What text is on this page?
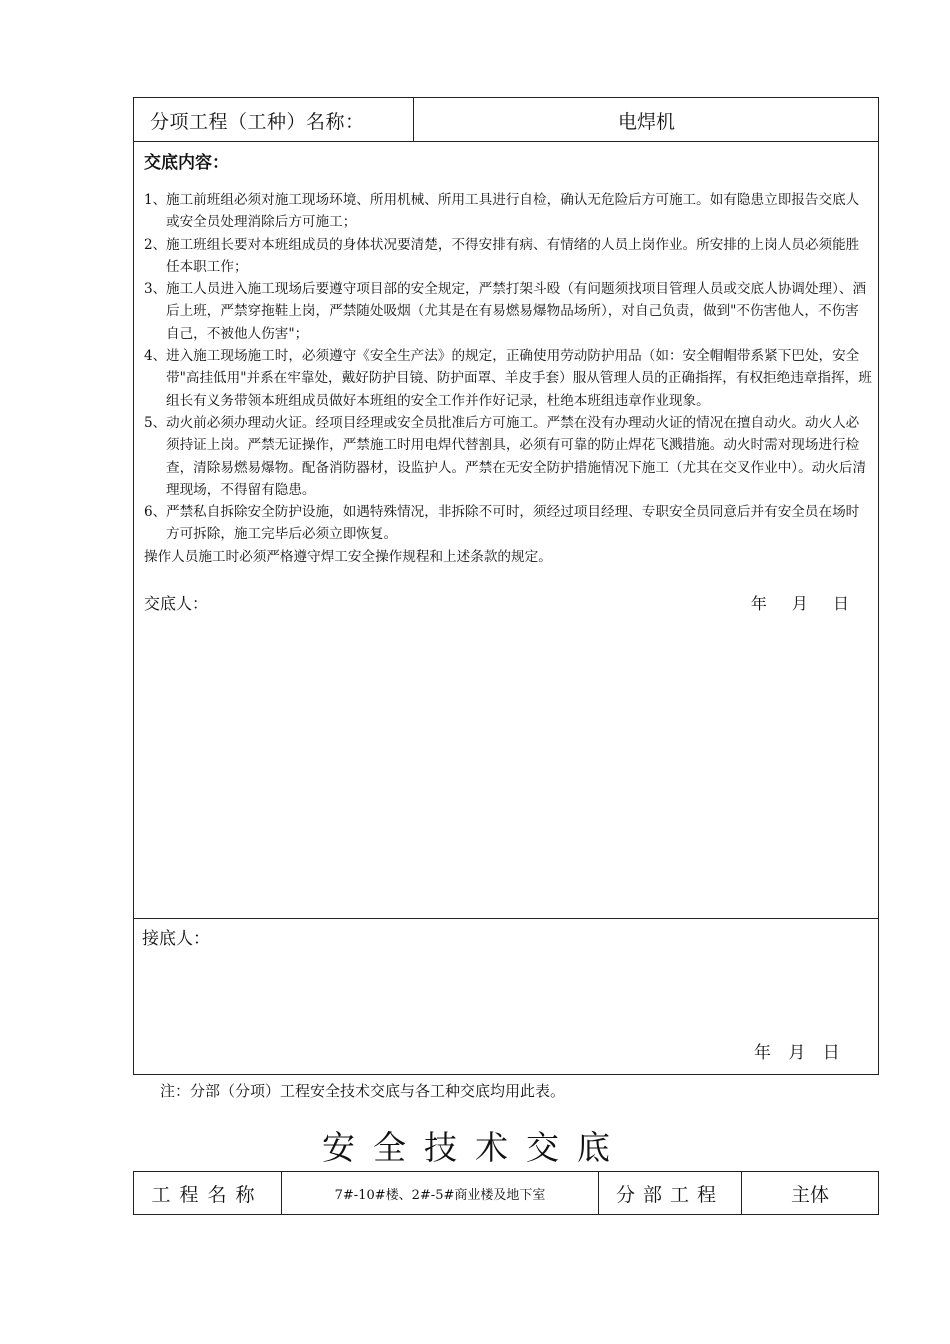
分项工程（工种）名称：	电焊机
交底内容：
1、 施工前班组必须对施工现场环境、所用机械、所用工具进行自检，确认无危险后方可施工。如有隐患立即报告交底人或安全员处理消除后方可施工；
2、 施工班组长要对本班组成员的身体状况要清楚，不得安排有病、有情绪的人员上岗作业。所安排的上岗人员必须能胜任本职工作；
3、 施工人员进入施工现场后要遵守项目部的安全规定，严禁打架斗殴（有问题须找项目管理人员或交底人协调处理）、酒后上班，严禁穿拖鞋上岗，严禁随处吸烟（尤其是在有易燃易爆物品场所），对自己负责，做到"不伤害他人，不伤害自己，不被他人伤害"；
4、 进入施工现场施工时，必须遵守《安全生产法》的规定，正确使用劳动防护用品（如：安全帽帽带系紧下巴处，安全带"高挂低用"并系在牢靠处，戴好防护目镜、防护面罩、羊皮手套）服从管理人员的正确指挥，有权拒绝违章指挥，班组长有义务带领本班组成员做好本班组的安全工作并作好记录，杜绝本班组违章作业现象。
5、 动火前必须办理动火证。经项目经理或安全员批准后方可施工。严禁在没有办理动火证的情况在擅自动火。动火人必须持证上岗。严禁无证操作，严禁施工时用电焊代替割具，必须有可靠的防止焊花飞溅措施。动火时需对现场进行检查，清除易燃易爆物。配备消防器材，设监护人。严禁在无安全防护措施情况下施工（尤其在交叉作业中）。动火后清理现场，不得留有隐患。
6、 严禁私自拆除安全防护设施，如遇特殊情况，非拆除不可时，须经过项目经理、专职安全员同意后并有安全员在场时方可拆除，施工完毕后必须立即恢复。
操作人员施工时必须严格遵守焊工安全操作规程和上述条款的规定。
交底人：	年 月 日
接底人：
年 月 日
注：分部（分项）工程安全技术交底与各工种交底均用此表。
安全技术交底
工程名称	7#-10#楼、2#-5#商业楼及地下室	分部工程	主体
